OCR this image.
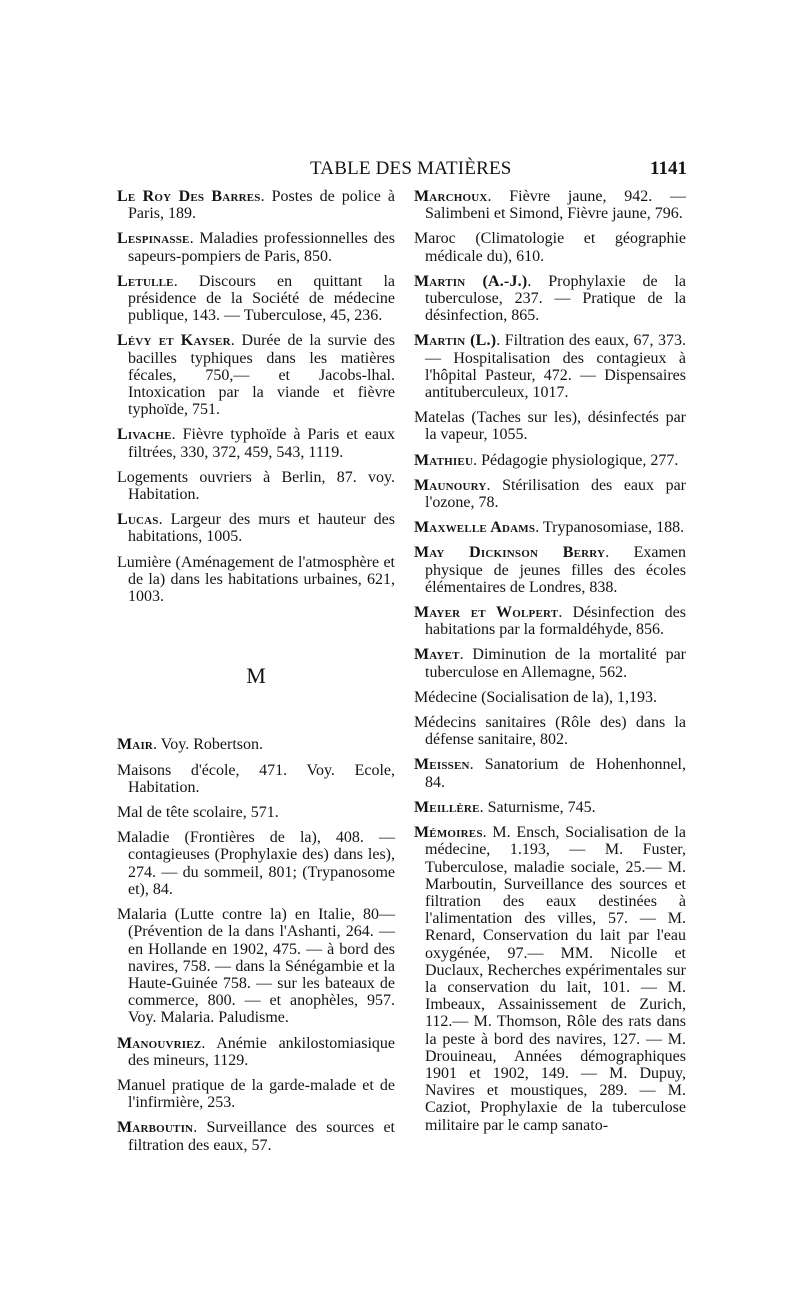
TABLE DES MATIÈRES	1141

Le Roy Des Barres. Postes de police à Paris, 189.

Lespinasse. Maladies professionnelles des sapeurs-pompiers de Paris, 850.

Letulle. Discours en quittant la présidence de la Société de médecine publique, 143. — Tuberculose, 45, 236.

Lévy et Kayser. Durée de la survie des bacilles typhiques dans les matières fécales, 750,— et Jacobs-lhal. Intoxication par la viande et fièvre typhoïde, 751.

Livache. Fièvre typhoïde à Paris et eaux filtrées, 330, 372, 459, 543, 1119.

Logements ouvriers à Berlin, 87. voy. Habitation.

Lucas. Largeur des murs et hauteur des habitations, 1005.

Lumière (Aménagement de l'atmosphère et de la) dans les habitations urbaines, 621, 1003.

M

Mair. Voy. Robertson.

Maisons d'école, 471. Voy. Ecole, Habitation.

Mal de tête scolaire, 571.

Maladie (Frontières de la), 408. — contagieuses (Prophylaxie des) dans les), 274. — du sommeil, 801; (Trypanosome et), 84.

Malaria (Lutte contre la) en Italie, 80— (Prévention de la dans l'Ashanti, 264. — en Hollande en 1902, 475. — à bord des navires, 758. — dans la Sénégambie et la Haute-Guinée 758. — sur les bateaux de commerce, 800. — et anophèles, 957. Voy. Malaria. Paludisme.

Manouvriez. Anémie ankilostomiasique des mineurs, 1129.

Manuel pratique de la garde-malade et de l'infirmière, 253.

Marboutin. Surveillance des sources et filtration des eaux, 57.

Marchoux. Fièvre jaune, 942. — Salimbeni et Simond, Fièvre jaune, 796.

Maroc (Climatologie et géographie médicale du), 610.

Martin (A.-J.). Prophylaxie de la tuberculose, 237. — Pratique de la désinfection, 865.

Martin (L.). Filtration des eaux, 67, 373. — Hospitalisation des contagieux à l'hôpital Pasteur, 472. — Dispensaires antituberculeux, 1017.

Matelas (Taches sur les), désinfectés par la vapeur, 1055.

Mathieu. Pédagogie physiologique, 277.

Maunoury. Stérilisation des eaux par l'ozone, 78.

Maxwelle Adams. Trypanosomiase, 188.

May Dickinson Berry. Examen physique de jeunes filles des écoles élémentaires de Londres, 838.

Mayer et Wolpert. Désinfection des habitations par la formaldéhyde, 856.

Mayet. Diminution de la mortalité par tuberculose en Allemagne, 562.

Médecine (Socialisation de la), 1,193.

Médecins sanitaires (Rôle des) dans la défense sanitaire, 802.

Meissen. Sanatorium de Hohenhonnel, 84.

Meillère. Saturnisme, 745.

Mémoires. M. Ensch, Socialisation de la médecine, 1.193, — M. Fuster, Tuberculose, maladie sociale, 25.— M. Marboutin, Surveillance des sources et filtration des eaux destinées à l'alimentation des villes, 57. — M. Renard, Conservation du lait par l'eau oxygénée, 97.— MM. Nicolle et Duclaux, Recherches expérimentales sur la conservation du lait, 101. — M. Imbeaux, Assainissement de Zurich, 112.— M. Thomson, Rôle des rats dans la peste à bord des navires, 127. — M. Drouineau, Années démographiques 1901 et 1902, 149. — M. Dupuy, Navires et moustiques, 289. — M. Caziot, Prophylaxie de la tuberculose militaire par le camp sanato-
